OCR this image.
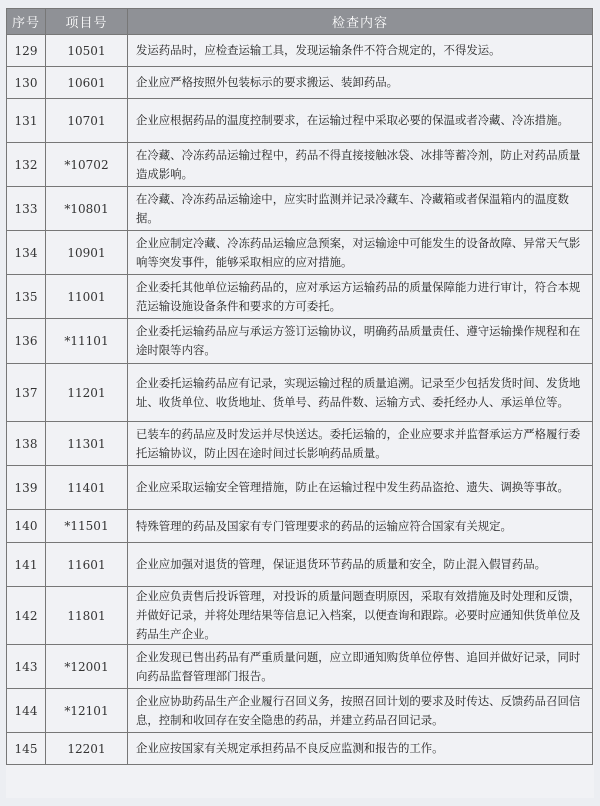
序号	项目号	检查内容
129	10501	发运药品时，应检查运输工具，发现运输条件不符合规定的，不得发运。
130	10601	企业应严格按照外包装标示的要求搬运、装卸药品。
131	10701	企业应根据药品的温度控制要求，在运输过程中采取必要的保温或者冷藏、冷冻措施。
132	*10702	在冷藏、冷冻药品运输过程中，药品不得直接接触冰袋、冰排等蓄冷剂，防止对药品质量造成影响。
133	*10801	在冷藏、冷冻药品运输途中，应实时监测并记录冷藏车、冷藏箱或者保温箱内的温度数据。
134	10901	企业应制定冷藏、冷冻药品运输应急预案，对运输途中可能发生的设备故障、异常天气影响等突发事件，能够采取相应的应对措施。
135	11001	企业委托其他单位运输药品的，应对承运方运输药品的质量保障能力进行审计，符合本规范运输设施设备条件和要求的方可委托。
136	*11101	企业委托运输药品应与承运方签订运输协议，明确药品质量责任、遵守运输操作规程和在途时限等内容。
137	11201	企业委托运输药品应有记录，实现运输过程的质量追溯。记录至少包括发货时间、发货地址、收货单位、收货地址、货单号、药品件数、运输方式、委托经办人、承运单位等。
138	11301	已装车的药品应及时发运并尽快送达。委托运输的，企业应要求并监督承运方严格履行委托运输协议，防止因在途时间过长影响药品质量。
139	11401	企业应采取运输安全管理措施，防止在运输过程中发生药品盗抢、遗失、调换等事故。
140	*11501	特殊管理的药品及国家有专门管理要求的药品的运输应符合国家有关规定。
141	11601	企业应加强对退货的管理，保证退货环节药品的质量和安全，防止混入假冒药品。
142	11801	企业应负责售后投诉管理，对投诉的质量问题查明原因，采取有效措施及时处理和反馈，并做好记录，并将处理结果等信息记入档案，以便查询和跟踪。必要时应通知供货单位及药品生产企业。
143	*12001	企业发现已售出药品有严重质量问题，应立即通知购货单位停售、追回并做好记录，同时向药品监督管理部门报告。
144	*12101	企业应协助药品生产企业履行召回义务，按照召回计划的要求及时传达、反馈药品召回信息，控制和收回存在安全隐患的药品，并建立药品召回记录。
145	12201	企业应按国家有关规定承担药品不良反应监测和报告的工作。
